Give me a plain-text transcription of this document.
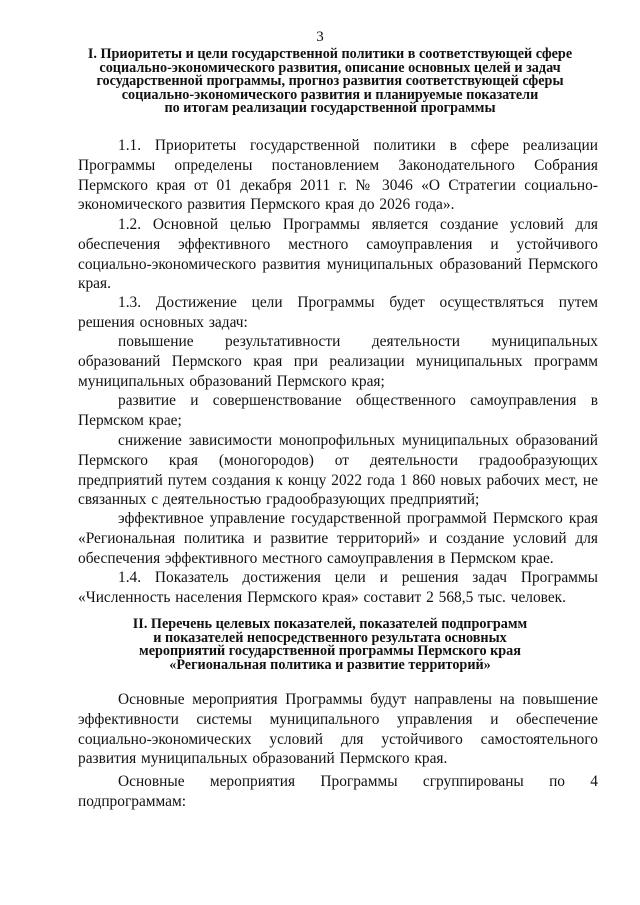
3
I. Приоритеты и цели государственной политики в соответствующей сфере
социально-экономического развития, описание основных целей и задач
государственной программы, прогноз развития соответствующей сферы
социально-экономического развития и планируемые показатели
по итогам реализации государственной программы

1.1. Приоритеты государственной политики в сфере реализации Программы определены постановлением Законодательного Собрания Пермского края от 01 декабря 2011 г. № 3046 «О Стратегии социально-экономического развития Пермского края до 2026 года».

1.2. Основной целью Программы является создание условий для обеспечения эффективного местного самоуправления и устойчивого социально-экономического развития муниципальных образований Пермского края.

1.3. Достижение цели Программы будет осуществляться путем решения основных задач:

повышение результативности деятельности муниципальных образований Пермского края при реализации муниципальных программ муниципальных образований Пермского края;

развитие и совершенствование общественного самоуправления в Пермском крае;

снижение зависимости монопрофильных муниципальных образований Пермского края (моногородов) от деятельности градообразующих предприятий путем создания к концу 2022 года 1 860 новых рабочих мест, не связанных с деятельностью градообразующих предприятий;

эффективное управление государственной программой Пермского края «Региональная политика и развитие территорий» и создание условий для обеспечения эффективного местного самоуправления в Пермском крае.

1.4. Показатель достижения цели и решения задач Программы «Численность населения Пермского края» составит 2 568,5 тыс. человек.

II. Перечень целевых показателей, показателей подпрограмм
и показателей непосредственного результата основных
мероприятий государственной программы Пермского края
«Региональная политика и развитие территорий»

Основные мероприятия Программы будут направлены на повышение эффективности системы муниципального управления и обеспечение социально-экономических условий для устойчивого самостоятельного развития муниципальных образований Пермского края.

Основные мероприятия Программы сгруппированы по 4 подпрограммам:
